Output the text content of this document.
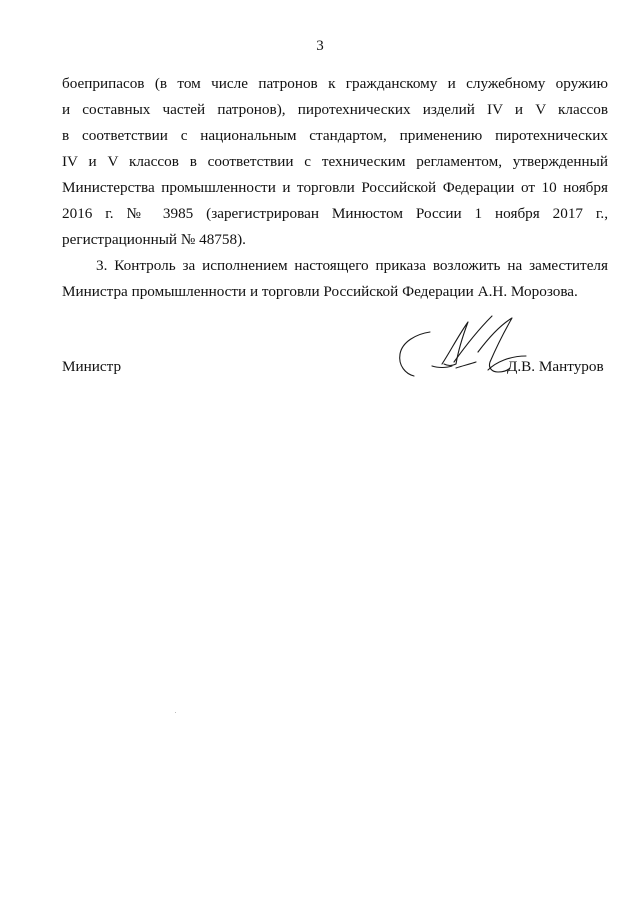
3
боеприпасов (в том числе патронов к гражданскому и служебному оружию
и составных частей патронов), пиротехнических изделий IV и V классов
в соответствии с национальным стандартом, применению пиротехнических
IV и V классов в соответствии с техническим регламентом, утвержденный
Министерства промышленности и торговли Российской Федерации от 10 ноября
2016 г. № 3985 (зарегистрирован Минюстом России 1 ноября 2017 г.,
регистрационный № 48758).
3. Контроль за исполнением настоящего приказа возложить на заместителя
Министра промышленности и торговли Российской Федерации А.Н. Морозова.
Министр	Д.В. Мантуров
